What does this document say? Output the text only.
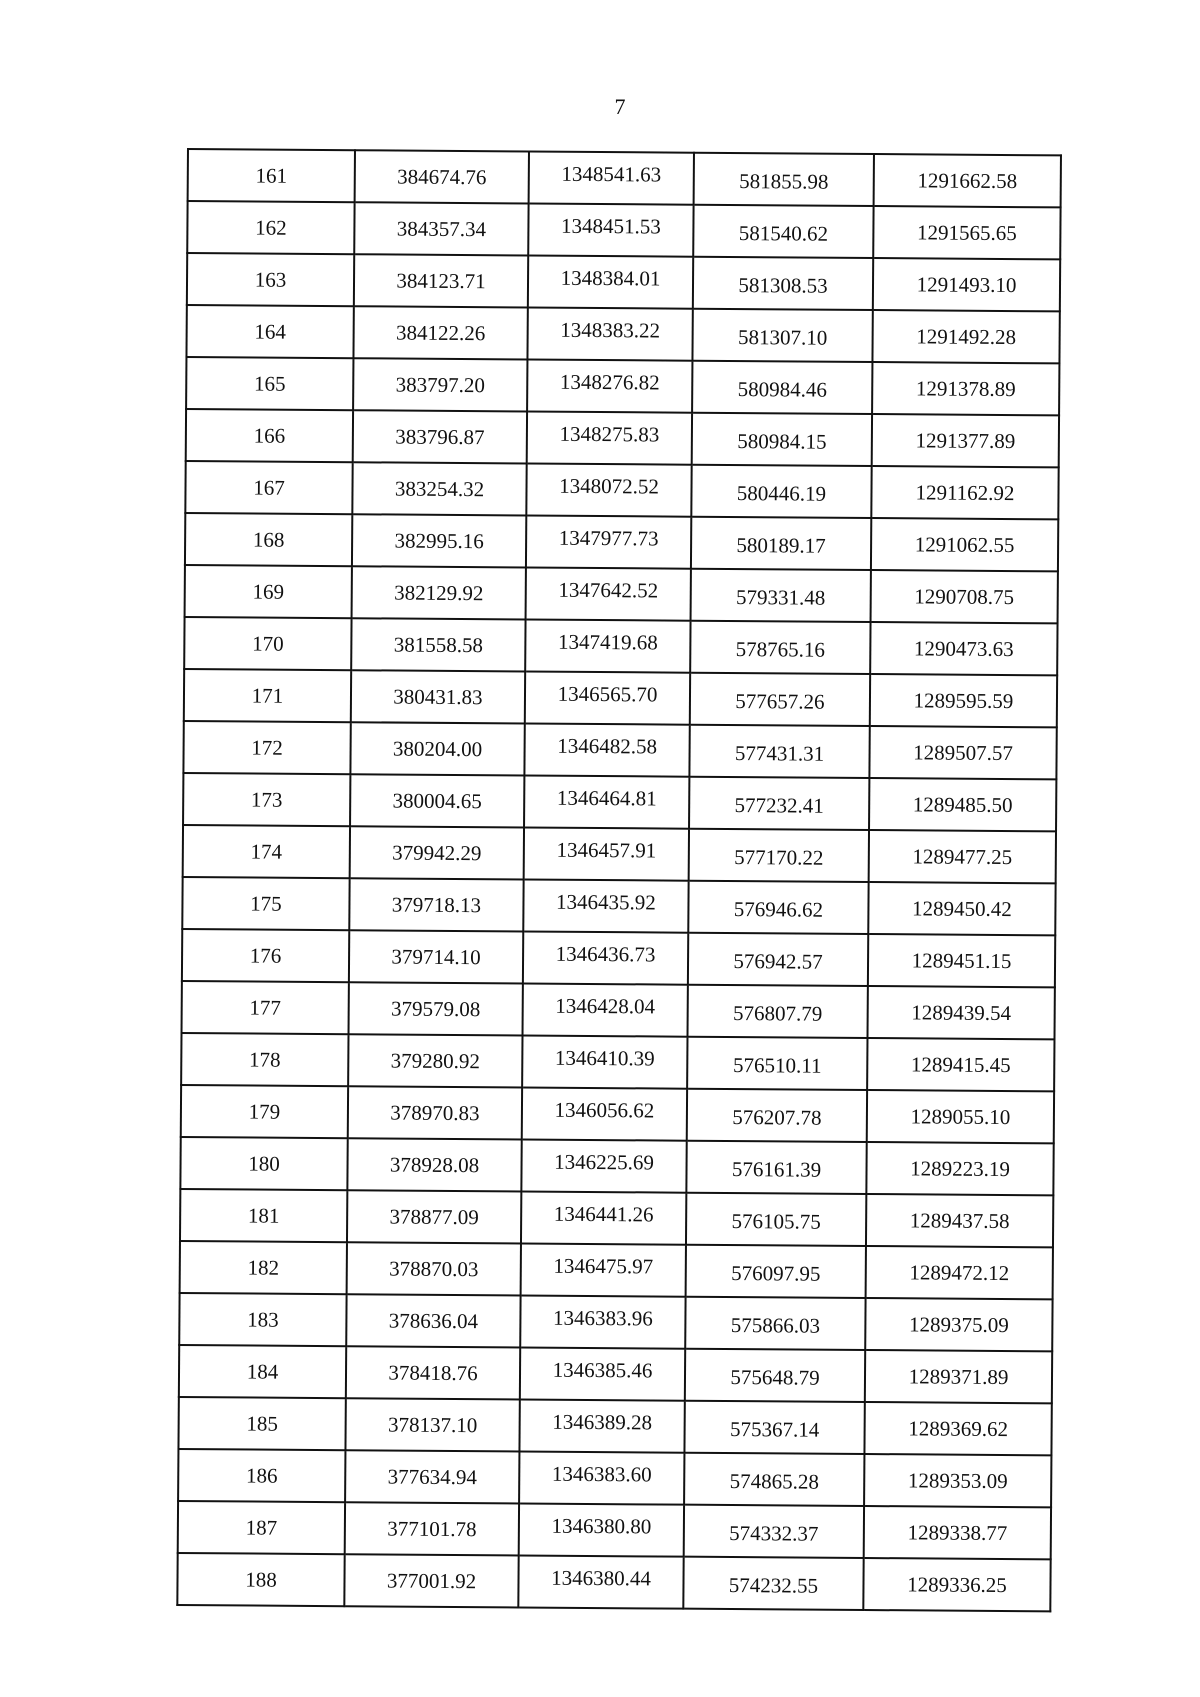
7
161	384674.76	1348541.63	581855.98	1291662.58
162	384357.34	1348451.53	581540.62	1291565.65
163	384123.71	1348384.01	581308.53	1291493.10
164	384122.26	1348383.22	581307.10	1291492.28
165	383797.20	1348276.82	580984.46	1291378.89
166	383796.87	1348275.83	580984.15	1291377.89
167	383254.32	1348072.52	580446.19	1291162.92
168	382995.16	1347977.73	580189.17	1291062.55
169	382129.92	1347642.52	579331.48	1290708.75
170	381558.58	1347419.68	578765.16	1290473.63
171	380431.83	1346565.70	577657.26	1289595.59
172	380204.00	1346482.58	577431.31	1289507.57
173	380004.65	1346464.81	577232.41	1289485.50
174	379942.29	1346457.91	577170.22	1289477.25
175	379718.13	1346435.92	576946.62	1289450.42
176	379714.10	1346436.73	576942.57	1289451.15
177	379579.08	1346428.04	576807.79	1289439.54
178	379280.92	1346410.39	576510.11	1289415.45
179	378970.83	1346056.62	576207.78	1289055.10
180	378928.08	1346225.69	576161.39	1289223.19
181	378877.09	1346441.26	576105.75	1289437.58
182	378870.03	1346475.97	576097.95	1289472.12
183	378636.04	1346383.96	575866.03	1289375.09
184	378418.76	1346385.46	575648.79	1289371.89
185	378137.10	1346389.28	575367.14	1289369.62
186	377634.94	1346383.60	574865.28	1289353.09
187	377101.78	1346380.80	574332.37	1289338.77
188	377001.92	1346380.44	574232.55	1289336.25
